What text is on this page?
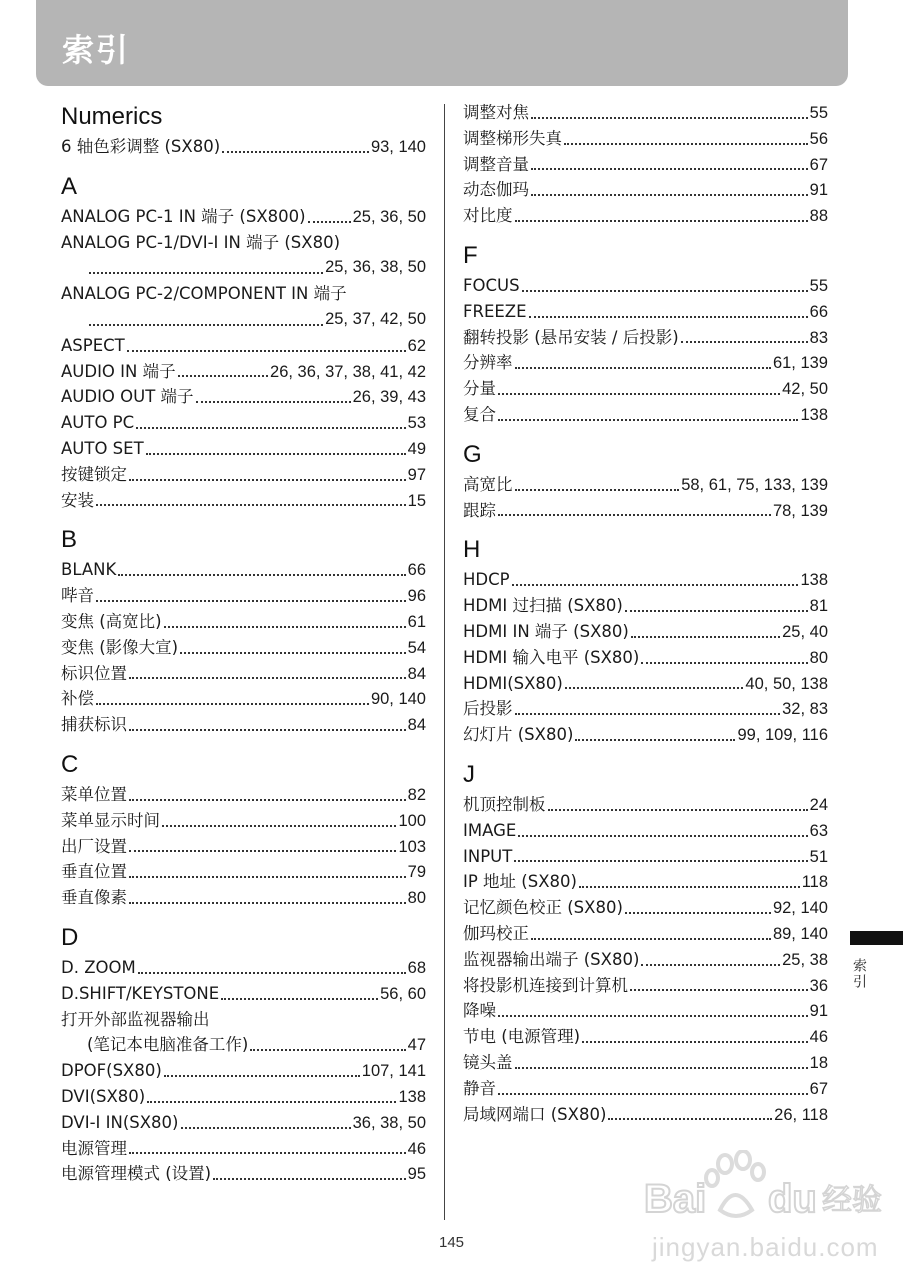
索引
Numerics
6 轴色彩调整 (SX80)	93, 140
A
ANALOG PC-1 IN 端子 (SX800)	25, 36, 50
ANALOG PC-1/DVI-I IN 端子 (SX80)
25, 36, 38, 50
ANALOG PC-2/COMPONENT IN 端子
25, 37, 42, 50
ASPECT	62
AUDIO IN 端子	26, 36, 37, 38, 41, 42
AUDIO OUT 端子	26, 39, 43
AUTO PC	53
AUTO SET	49
按键锁定	97
安装	15
B
BLANK	66
哔音	96
变焦 (高宽比)	61
变焦 (影像大宣)	54
标识位置	84
补偿	90, 140
捕获标识	84
C
菜单位置	82
菜单显示时间	100
出厂设置	103
垂直位置	79
垂直像素	80
D
D. ZOOM	68
D.SHIFT/KEYSTONE	56, 60
打开外部监视器输出
(笔记本电脑准备工作)	47
DPOF(SX80)	107, 141
DVI(SX80)	138
DVI-I IN(SX80)	36, 38, 50
电源管理	46
电源管理模式 (设置)	95
调整对焦	55
调整梯形失真	56
调整音量	67
动态伽玛	91
对比度	88
F
FOCUS	55
FREEZE	66
翻转投影 (悬吊安装 / 后投影)	83
分辨率	61, 139
分量	42, 50
复合	138
G
高宽比	58, 61, 75, 133, 139
跟踪	78, 139
H
HDCP	138
HDMI 过扫描 (SX80)	81
HDMI IN 端子 (SX80)	25, 40
HDMI 输入电平 (SX80)	80
HDMI(SX80)	40, 50, 138
后投影	32, 83
幻灯片 (SX80)	99, 109, 116
J
机顶控制板	24
IMAGE	63
INPUT	51
IP 地址 (SX80)	118
记忆颜色校正 (SX80)	92, 140
伽玛校正	89, 140
监视器输出端子 (SX80)	25, 38
将投影机连接到计算机	36
降噪	91
节电 (电源管理)	46
镜头盖	18
静音	67
局域网端口 (SX80)	26, 118
索引
145
Bai du 经验
jingyan.baidu.com
